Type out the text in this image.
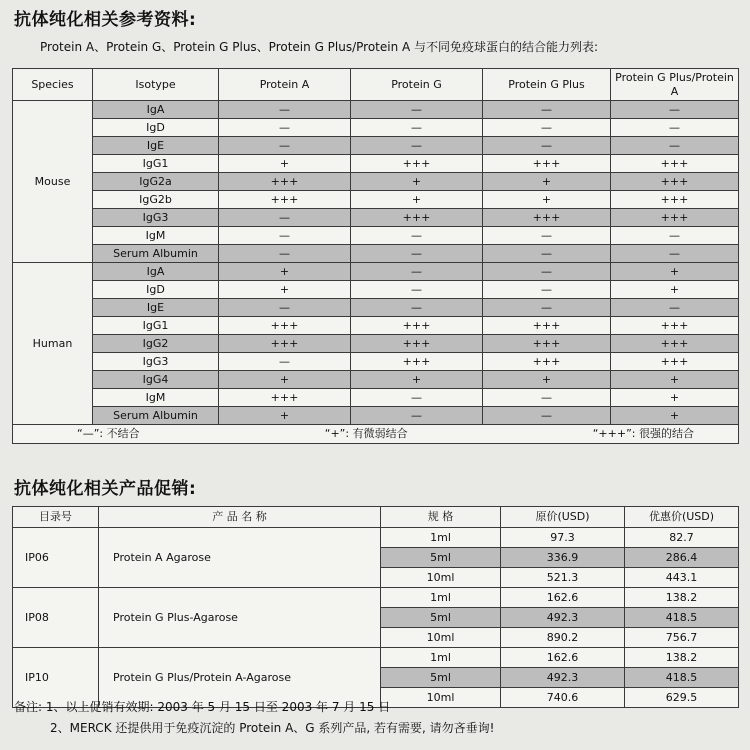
抗体纯化相关参考资料:
Protein A、Protein G、Protein G Plus、Protein G Plus/Protein A 与不同免疫球蛋白的结合能力列表:
Species	Isotype	Protein A	Protein G	Protein G Plus	Protein G Plus/Protein A
Mouse	IgA	—	—	—	—
	IgD	—	—	—	—
	IgE	—	—	—	—
	IgG1	+	+++	+++	+++
	IgG2a	+++	+	+	+++
	IgG2b	+++	+	+	+++
	IgG3	—	+++	+++	+++
	IgM	—	—	—	—
	Serum Albumin	—	—	—	—
Human	IgA	+	—	—	+
	IgD	+	—	—	+
	IgE	—	—	—	—
	IgG1	+++	+++	+++	+++
	IgG2	+++	+++	+++	+++
	IgG3	—	+++	+++	+++
	IgG4	+	+	+	+
	IgM	+++	—	—	+
	Serum Albumin	+	—	—	+

“—”: 不结合 “+”: 有微弱结合 “+++”: 很强的结合					
抗体纯化相关产品促销:
目录号	产 品 名 称	规 格	原价(USD)	优惠价(USD)
IP06	Protein A Agarose	1ml	97.3	82.7
		5ml	336.9	286.4
		10ml	521.3	443.1
IP08	Protein G Plus-Agarose	1ml	162.6	138.2
		5ml	492.3	418.5
		10ml	890.2	756.7
IP10	Protein G Plus/Protein A-Agarose	1ml	162.6	138.2
		5ml	492.3	418.5
		10ml	740.6	629.5
备注: 1、以上促销有效期: 2003 年 5 月 15 日至 2003 年 7 月 15 日
2、MERCK 还提供用于免疫沉淀的 Protein A、G 系列产品, 若有需要, 请勿吝垂询!
